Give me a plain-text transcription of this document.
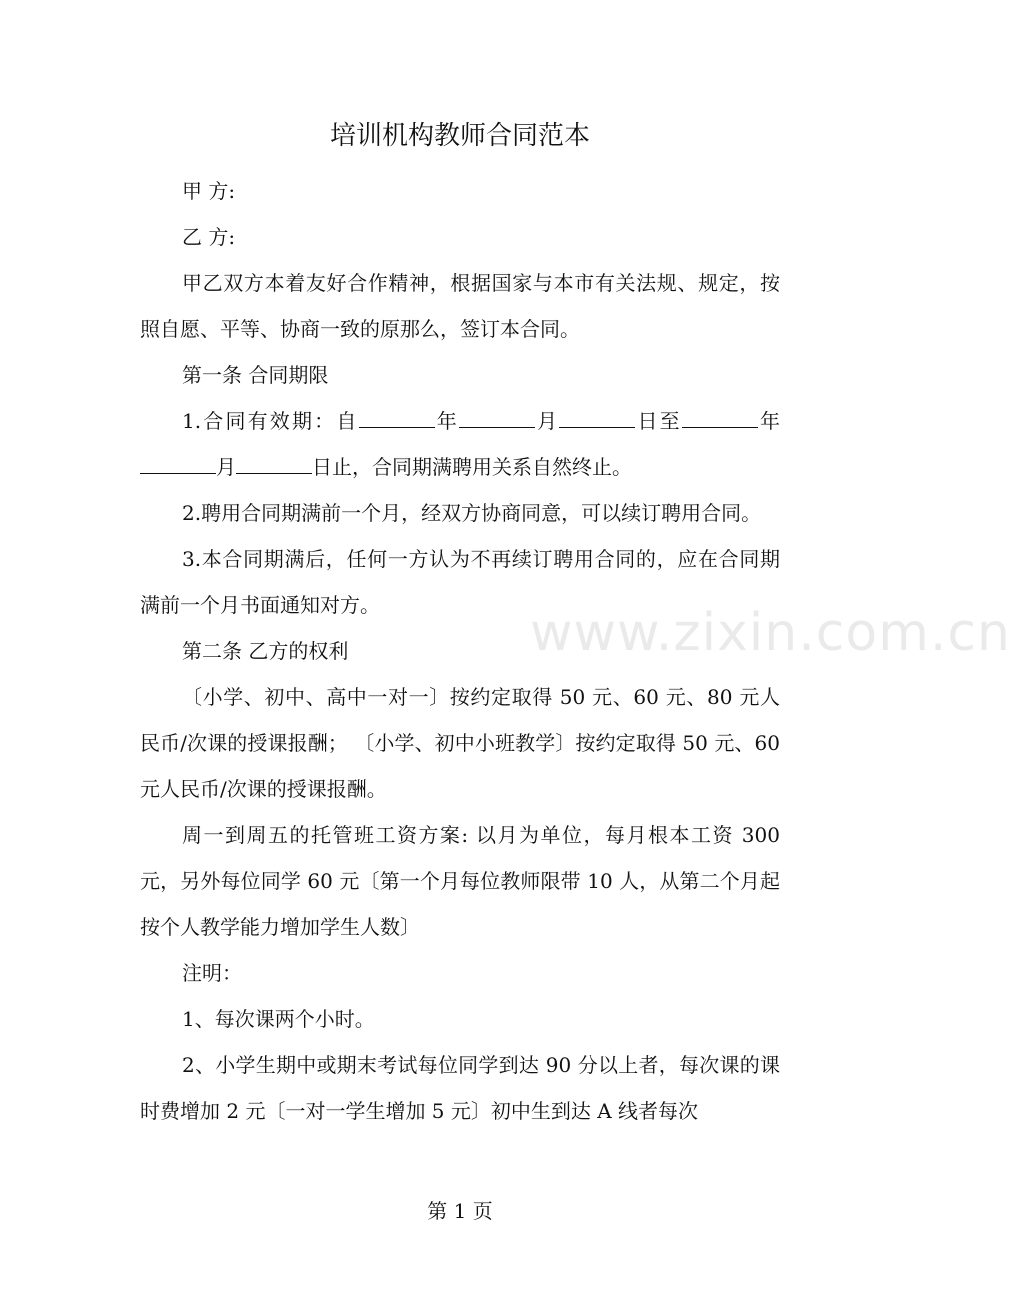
培训机构教师合同范本

甲 方:

乙 方:

甲乙双方本着友好合作精神，根据国家与本市有关法规、规定，按照自愿、平等、协商一致的原那么，签订本合同。

第一条 合同期限

1.合同有效期：自	年	月	日至	年月	日止，合同期满聘用关系自然终止。

2.聘用合同期满前一个月，经双方协商同意，可以续订聘用合同。

3.本合同期满后，任何一方认为不再续订聘用合同的，应在合同期满前一个月书面通知对方。

第二条 乙方的权利

〔小学、初中、高中一对一〕按约定取得 50 元、60 元、80 元人民币/次课的授课报酬； 〔小学、初中小班教学〕按约定取得 50 元、60 元人民币/次课的授课报酬。

周一到周五的托管班工资方案: 以月为单位，每月根本工资 300 元，另外每位同学 60 元〔第一个月每位教师限带 10 人，从第二个月起按个人教学能力增加学生人数〕

注明：

1、每次课两个小时。

2、小学生期中或期末考试每位同学到达 90 分以上者，每次课的课时费增加 2 元〔一对一学生增加 5 元〕初中生到达 A 线者每次

www.zixin.com.cn
第 1 页
